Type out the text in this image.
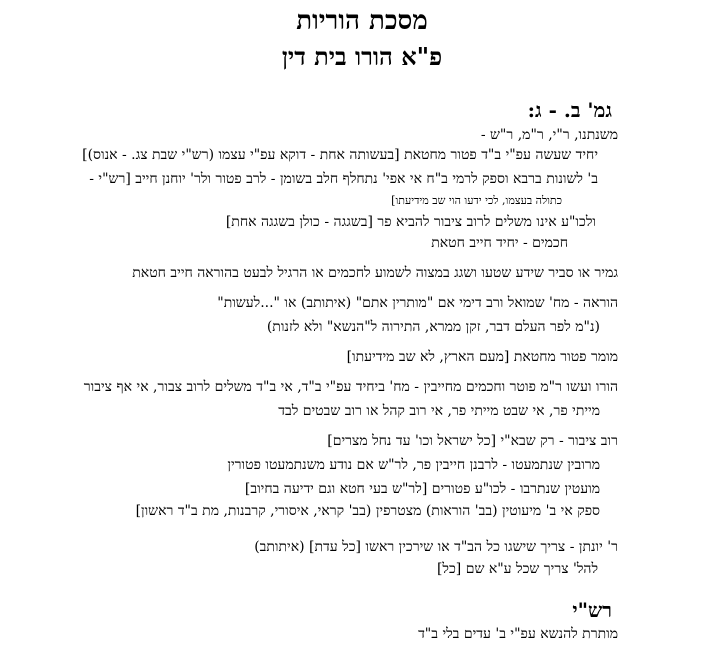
מסכת הוריות
פ"א הורו בית דין
גמ' ב. - ג:
משנתנו, ר"י, ר"מ, ר"ש -
יחיד שעשה עפ"י ב"ד פטור מחטאת [בעשותה אחת - דוקא עפ"י עצמו (רש"י שבת צג. - אנוס)]
ב' לשונות ברבא וספק לרמי ב"ח אי אפי' נתחלף חלב בשומן - לרב פטור ולר' יוחנן חייב [רש"י -
כתולה בעצמו, לכי ידעו הוי שב מידיעתו]
ולכו"ע אינו משלים לרוב ציבור להביא פר [בשגגה - כולן בשגגה אחת]
חכמים - יחיד חייב חטאת
גמיר או סביר שידע שטעו ושגג במצוה לשמוע לחכמים או הרגיל לבעט בהוראה חייב חטאת
הוראה - מח' שמואל ורב דימי אם "מותרין אתם" (איתותב) או "...לעשות"
(נ"מ לפר העלם דבר, זקן ממרא, התירוה ל"הנשא" ולא לזנות)
מומר פטור מחטאת [מעם הארץ, לא שב מידיעתו]
הורו ועשו ר"מ פוטר וחכמים מחייבין - מח' ביחיד עפ"י ב"ד, אי ב"ד משלים לרוב צבור, אי אף ציבור
מייתי פר, אי שבט מייתי פר, אי רוב קהל או רוב שבטים לבד
רוב ציבור - רק שבא"י [כל ישראל וכו' עד נחל מצרים]
מרובין שנתמעטו - לרבנן חייבין פר, לר"ש אם נודע משנתמעטו פטורין
מועטין שנתרבו - לכו"ע פטורים [לר"ש בעי חטא וגם ידיעה בחיוב]
ספק אי ב' מיעוטין (בב' הוראות) מצטרפין (בב' קראי, איסורי, קרבנות, מת ב"ד ראשון]
ר' יונתן - צריך שישגו כל הב"ד או שירכין ראשו [כל עדת] (איתותב)
להל' צריך שכל ע"א שם [כל]
רש"י
מותרת להנשא עפ"י ב' עדים בלי ב"ד
